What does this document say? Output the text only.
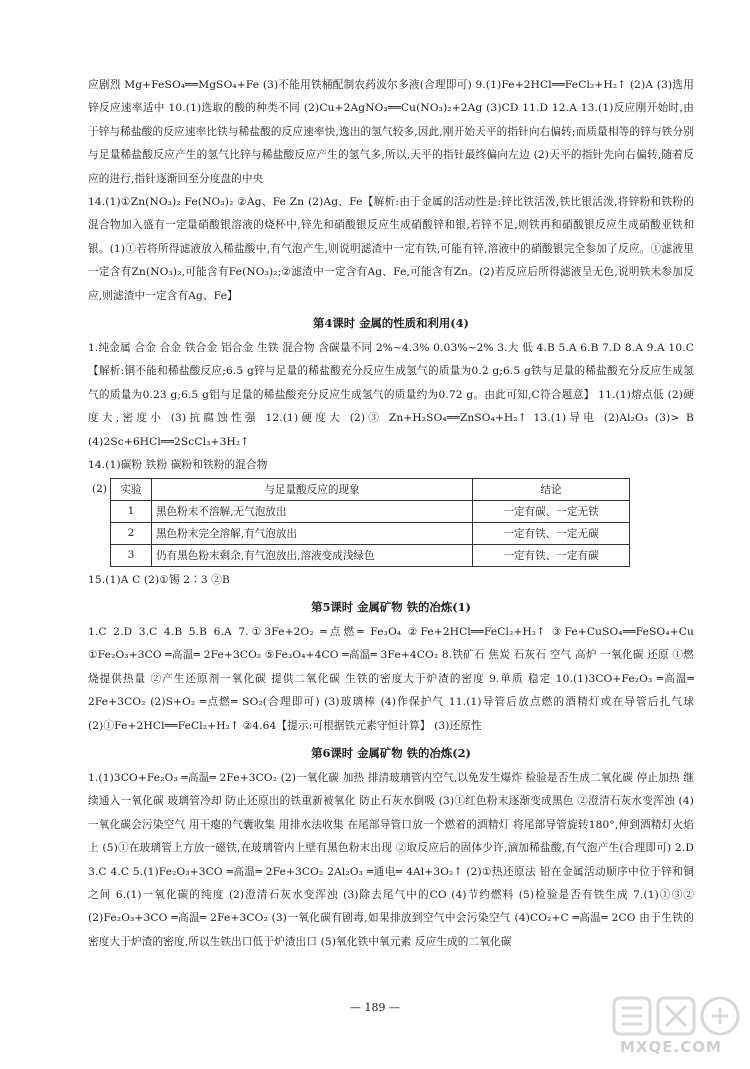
应剧烈 Mg+FeSO₄══MgSO₄+Fe (3)不能用铁桶配制农药波尔多液(合理即可) 9.(1)Fe+2HCl══FeCl₂+H₂↑ (2)A (3)选用锌反应速率适中 10.(1)选取的酸的种类不同 (2)Cu+2AgNO₃══Cu(NO₃)₂+2Ag (3)CD 11.D 12.A 13.(1)反应刚开始时,由于锌与稀盐酸的反应速率比铁与稀盐酸的反应速率快,逸出的氢气较多,因此,刚开始天平的指针向右偏转;而质量相等的锌与铁分别与足量稀盐酸反应产生的氢气比锌与稀盐酸反应产生的氢气多,所以,天平的指针最终偏向左边 (2)天平的指针先向右偏转,随着反应的进行,指针逐渐回至分度盘的中央

14.(1)①Zn(NO₃)₂ Fe(NO₃)₂ ②Ag、Fe Zn (2)Ag、Fe【解析:由于金属的活动性是:锌比铁活泼,铁比银活泼,将锌粉和铁粉的混合物加入盛有一定量硝酸银溶液的烧杯中,锌先和硝酸银反应生成硝酸锌和银,若锌不足,则铁再和硝酸银反应生成硝酸亚铁和银。(1)①若将所得滤液放入稀盐酸中,有气泡产生,则说明滤渣中一定有铁,可能有锌,溶液中的硝酸银完全参加了反应。①滤液里一定含有Zn(NO₃)₂,可能含有Fe(NO₃)₂;②滤渣中一定含有Ag、Fe,可能含有Zn。(2)若反应后所得滤液呈无色,说明铁未参加反应,则滤渣中一定含有Ag、Fe】

第4课时 金属的性质和利用(4)

1.纯金属 合金 合金 铁合金 铝合金 生铁 混合物 含碳量不同 2%~4.3% 0.03%~2% 3.大 低 4.B 5.A 6.B 7.D 8.A 9.A 10.C【解析:铜不能和稀盐酸反应;6.5 g锌与足量的稀盐酸充分反应生成氢气的质量为0.2 g;6.5 g铁与足量的稀盐酸充分反应生成氢气的质量为0.23 g;6.5 g铝与足量的稀盐酸充分反应生成氢气的质量约为0.72 g。由此可知,C符合题意】 11.(1)熔点低 (2)硬度大,密度小 (3)抗腐蚀性强 12.(1)硬度大 (2)③ Zn+H₂SO₄══ZnSO₄+H₂↑ 13.(1)导电 (2)Al₂O₃ (3)> B (4)2Sc+6HCl══2ScCl₃+3H₂↑

14.(1)碳粉 铁粉 碳粉和铁粉的混合物

(2)	实验	与足量酸反应的现象	结论
1	黑色粉末不溶解,无气泡放出	一定有碳、一定无铁
2	黑色粉末完全溶解,有气泡放出	一定有铁、一定无碳
3	仍有黑色粉末剩余,有气泡放出,溶液变成浅绿色	一定有铁、一定有碳

15.(1)A C (2)①锡 2∶3 ②B

第5课时 金属矿物 铁的冶炼(1)

1.C 2.D 3.C 4.B 5.B 6.A 7.①3Fe+2O₂ ═点燃═ Fe₃O₄ ②Fe+2HCl══FeCl₂+H₂↑ ③Fe+CuSO₄══FeSO₄+Cu ①Fe₂O₃+3CO ═高温═ 2Fe+3CO₂ ⑤Fe₃O₄+4CO ═高温═ 3Fe+4CO₂ 8.铁矿石 焦炭 石灰石 空气 高炉 一氧化碳 还原 ①燃烧提供热量 ②产生还原剂一氧化碳 提供二氧化碳 生铁的密度大于炉渣的密度 9.单质 稳定 10.(1)3CO+Fe₂O₃ ═高温═ 2Fe+3CO₂ (2)S+O₂ ═点燃═ SO₂(合理即可) (3)玻璃棒 (4)作保护气 11.(1)导管后放点燃的酒精灯或在导管后扎气球 (2)①Fe+2HCl══FeCl₂+H₂↑ ②4.64【提示:可根据铁元素守恒计算】 (3)还原性

第6课时 金属矿物 铁的冶炼(2)

1.(1)3CO+Fe₂O₃ ═高温═ 2Fe+3CO₂ (2)一氧化碳 加热 排清玻璃管内空气,以免发生爆炸 检验是否生成二氧化碳 停止加热 继续通入一氧化碳 玻璃管冷却 防止还原出的铁重新被氧化 防止石灰水倒吸 (3)①红色粉末逐渐变成黑色 ②澄清石灰水变浑浊 (4)一氧化碳会污染空气 用干瘪的气囊收集 用排水法收集 在尾部导管口放一个燃着的酒精灯 将尾部导管旋转180°,伸到酒精灯火焰上 (5)①在玻璃管上方放一磁铁,在玻璃管内上壁有黑色粉末出现 ②取反应后的固体少许,滴加稀盐酸,有气泡产生(合理即可) 2.D 3.C 4.C 5.(1)Fe₂O₃+3CO ═高温═ 2Fe+3CO₂ 2Al₂O₃ ═通电═ 4Al+3O₂↑ (2)①热还原法 铅在金属活动顺序中位于锌和铜之间 6.(1)一氧化碳的纯度 (2)澄清石灰水变浑浊 (3)除去尾气中的CO (4)节约燃料 (5)检验是否有铁生成 7.(1)①③② (2)Fe₂O₃+3CO ═高温═ 2Fe+3CO₂ (3)一氧化碳有剧毒,如果排放到空气中会污染空气 (4)CO₂+C ═高温═ 2CO 由于生铁的密度大于炉渣的密度,所以生铁出口低于炉渣出口 (5)氧化铁中氧元素 反应生成的二氧化碳

— 189 —
MXQE.COM
